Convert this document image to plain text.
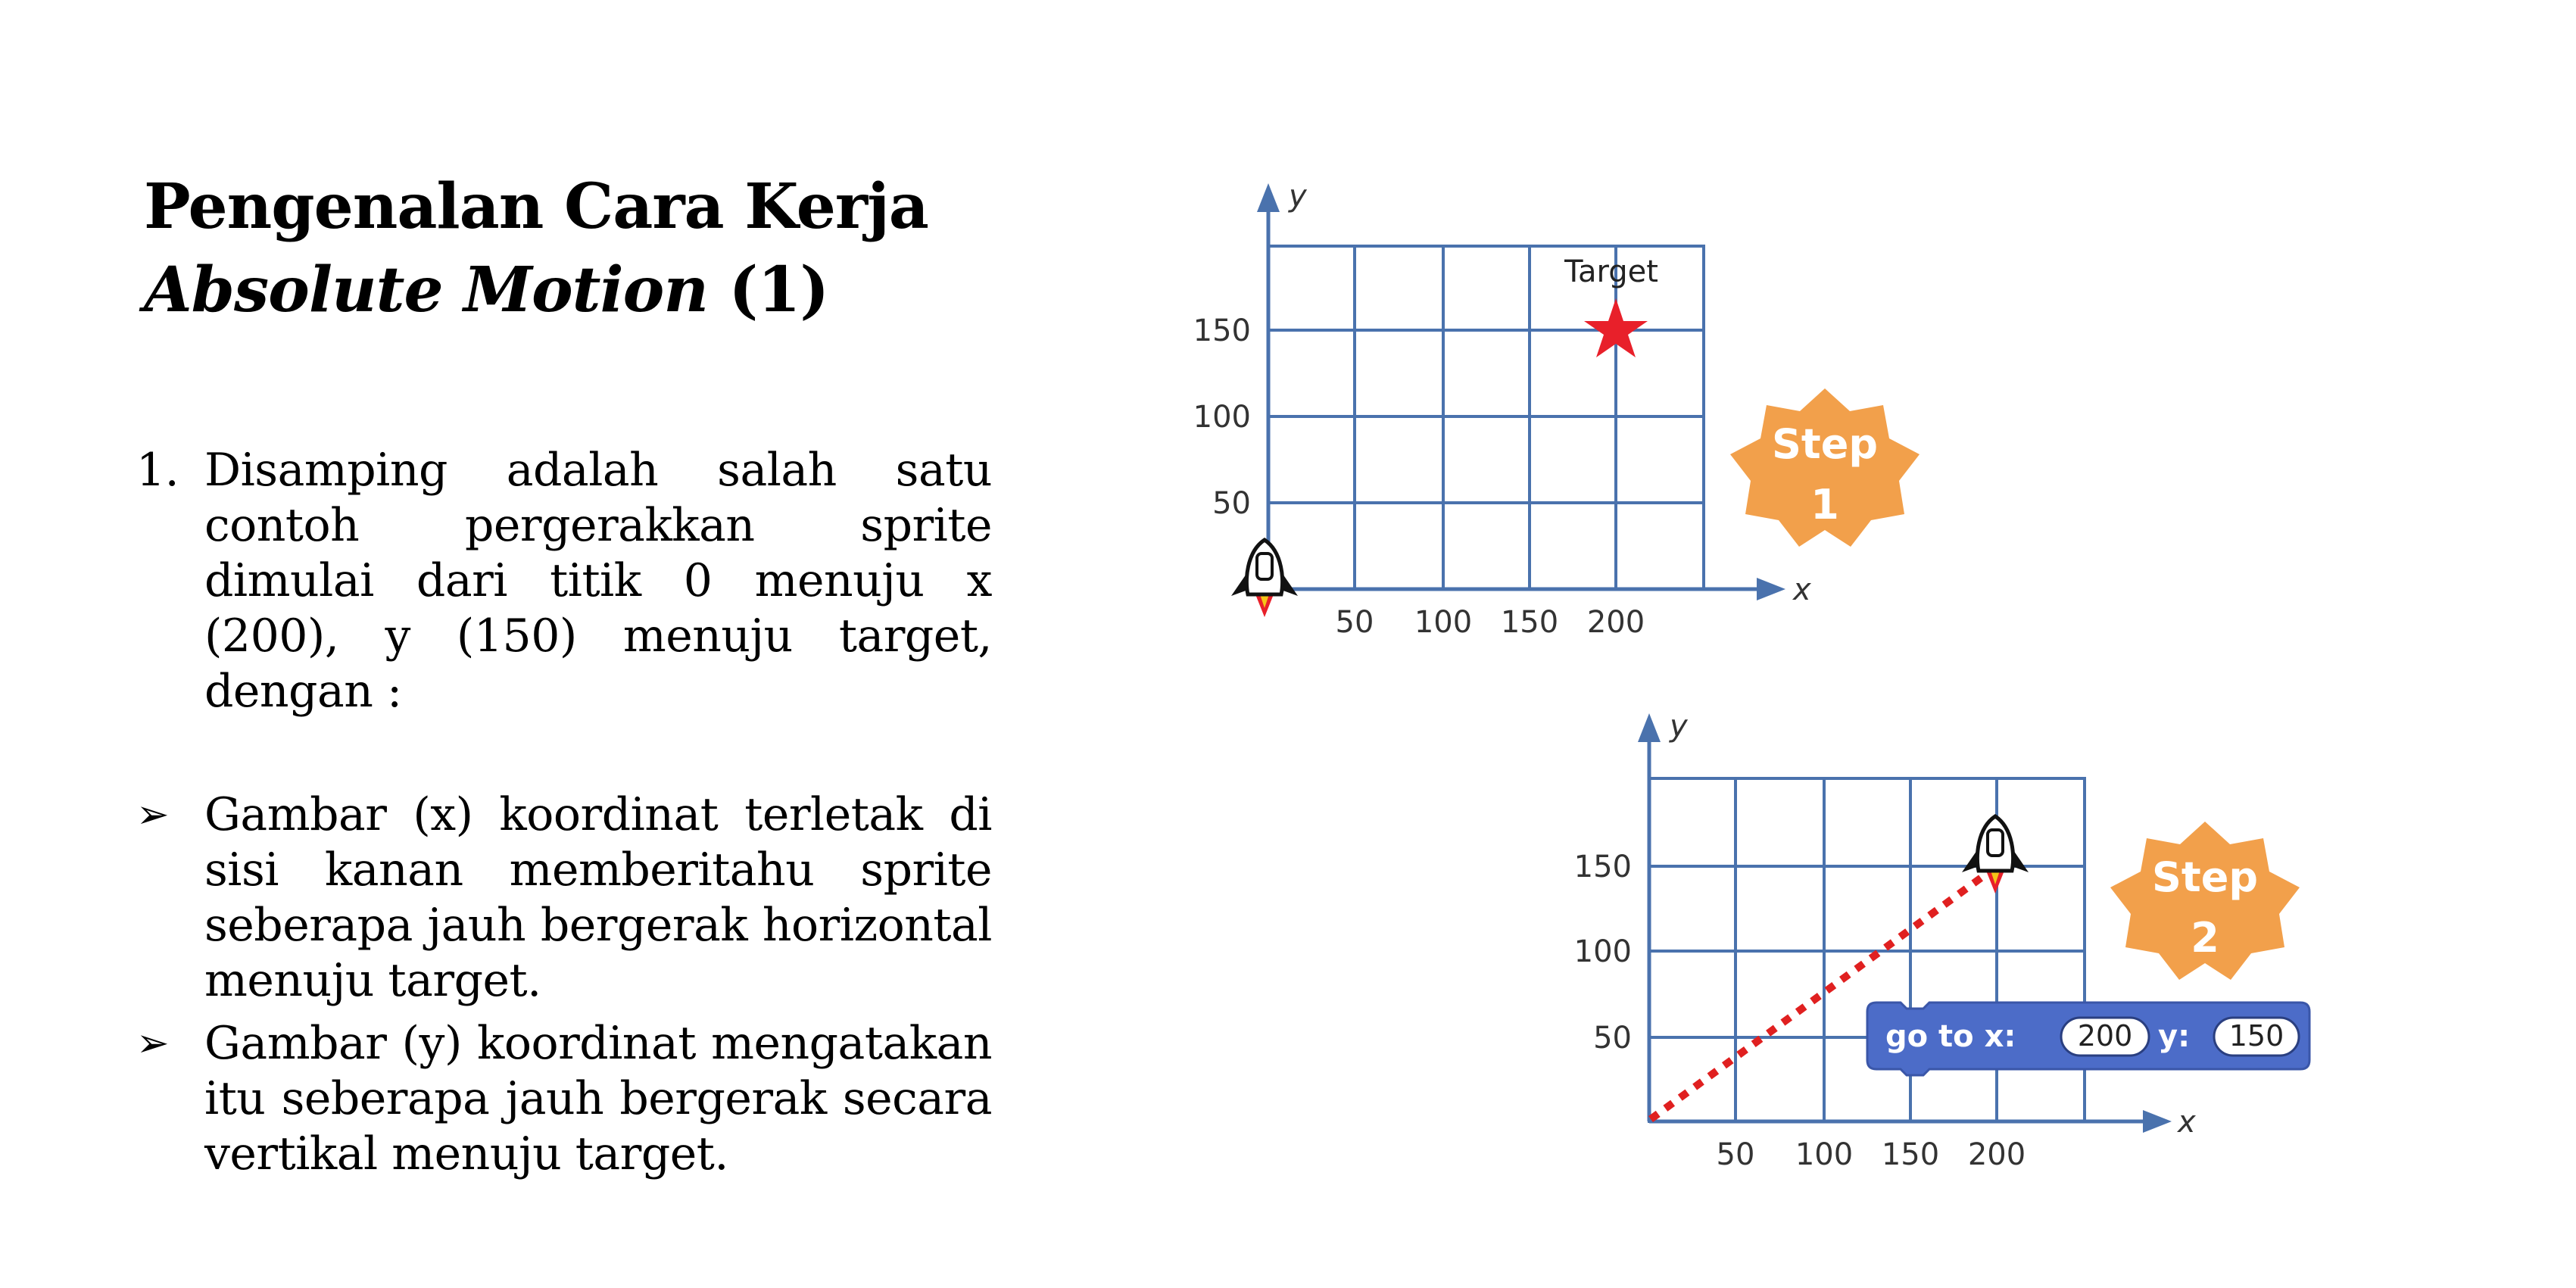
Pengenalan Cara Kerja
Absolute Motion (1)
1. Disamping adalah salah satu contoh pergerakkan sprite dimulai dari titik 0 menuju x (200), y (150) menuju target, dengan :
➢ Gambar (x) koordinat terletak di sisi kanan memberitahu sprite seberapa jauh bergerak horizontal menuju target.
➢ Gambar (y) koordinat mengatakan itu seberapa jauh bergerak secara vertikal menuju target.
y
x
150
100
50
50 100 150 200
Target
Step
1
y
x
150
100
50
50 100 150 200
Step
2
go to x: 200 y: 150
